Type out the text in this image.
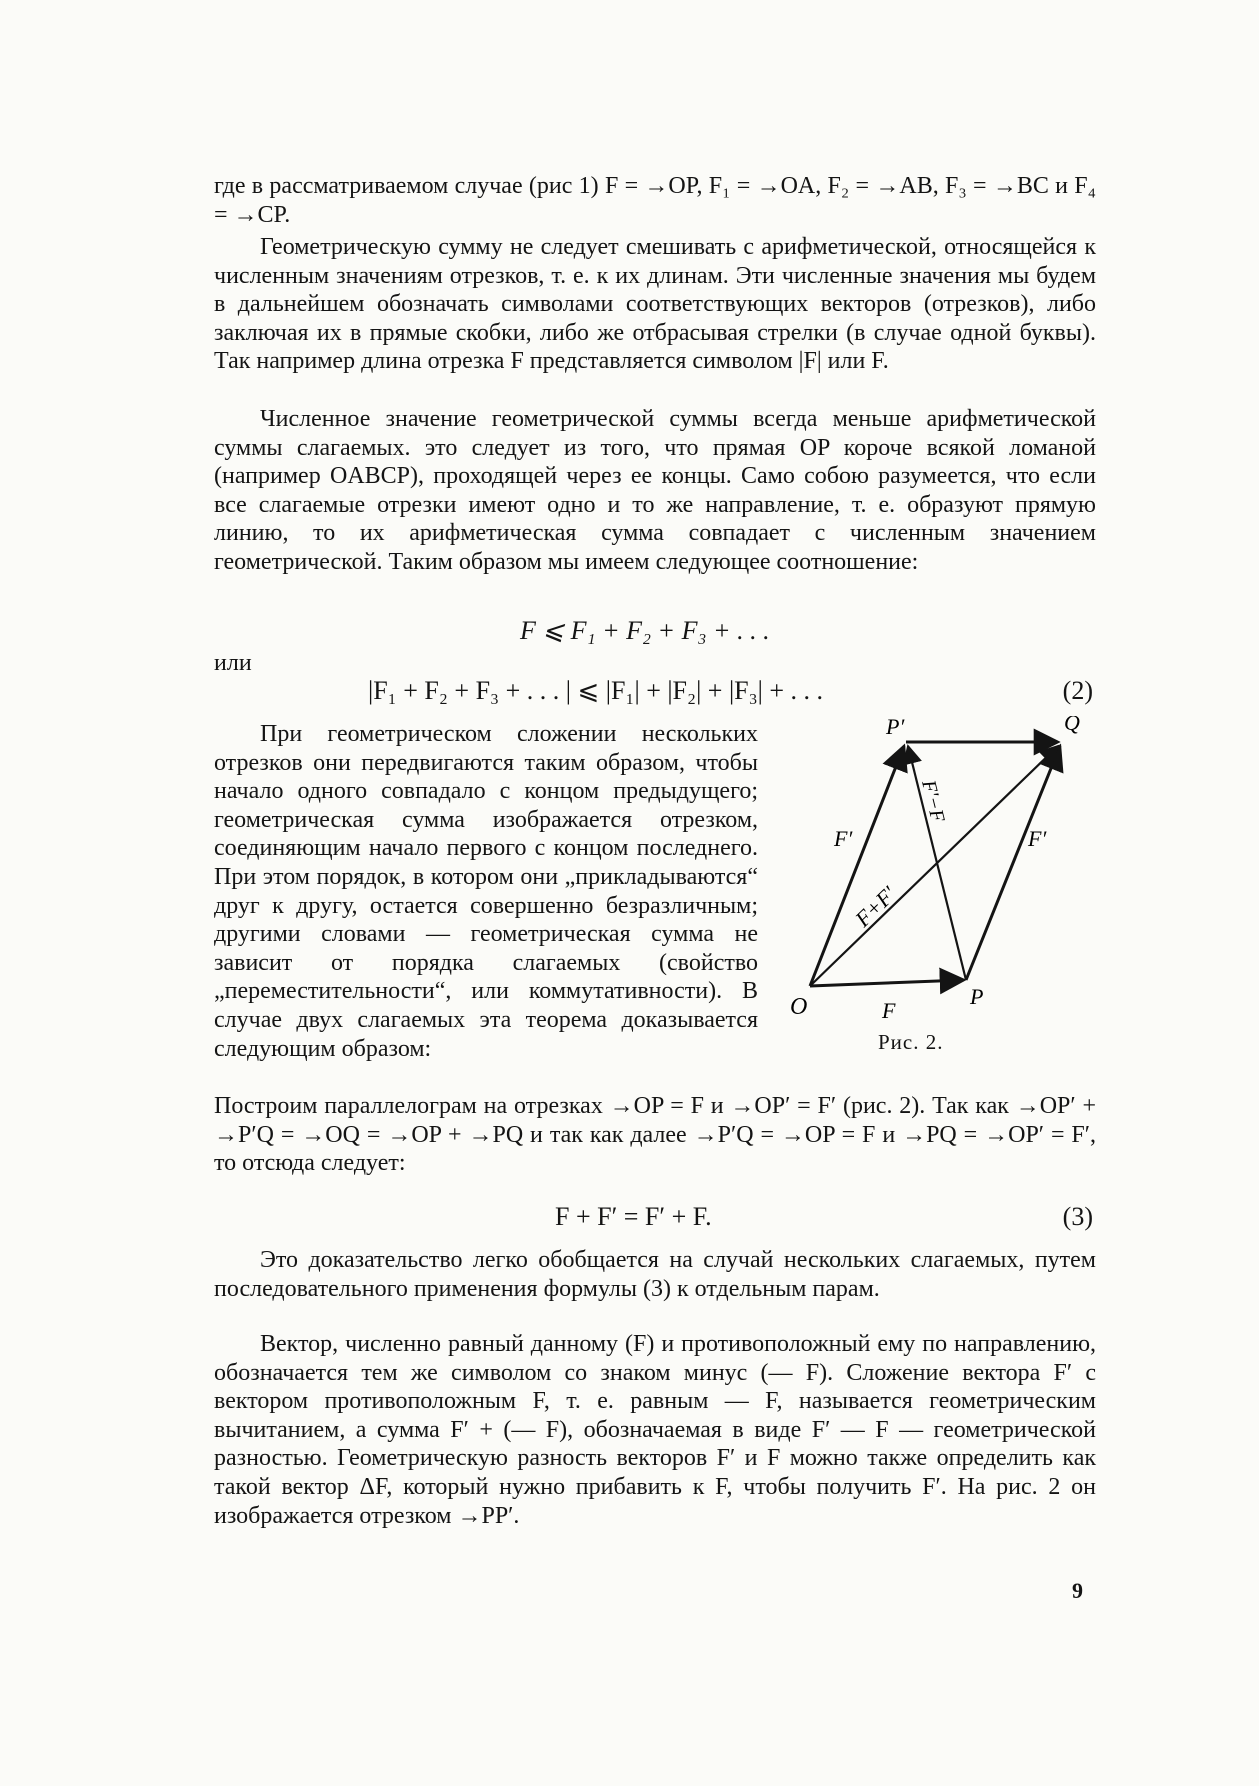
где в рассматриваемом случае (рис 1) F = →OP, F₁ = →OA, F₂ = →AB, F₃ = →BC и F₄ = →CP.
Геометрическую сумму не следует смешивать с арифметической, относящейся к численным значениям отрезков, т. е. к их длинам. Эти численные значения мы будем в дальнейшем обозначать символами соответствующих векторов (отрезков), либо заключая их в прямые скобки, либо же отбрасывая стрелки (в случае одной буквы). Так например длина отрезка F представляется символом |F| или F.
Численное значение геометрической суммы всегда меньше арифметической суммы слагаемых. это следует из того, что прямая OP короче всякой ломаной (например OABCP), проходящей через ее концы. Само собою разумеется, что если все слагаемые отрезки имеют одно и то же направление, т. е. образуют прямую линию, то их арифметическая сумма совпадает с численным значением геометрической. Таким образом мы имеем следующее соотношение:
F ⩽ F₁ + F₂ + F₃ + . . .
или
|F₁ + F₂ + F₃ + . . . | ⩽ |F₁| + |F₂| + |F₃| + . . .	(2)
При геометрическом сложении нескольких отрезков они передвигаются таким образом, чтобы начало одного совпадало с концом предыдущего; геометрическая сумма изображается отрезком, соединяющим начало первого с концом последнего. При этом порядок, в котором они „прикладываются“ друг к другу, остается совершенно безразличным; другими словами — геометрическая сумма не зависит от порядка слагаемых (свойство „переместительности“, или коммутативности). В случае двух слагаемых эта теорема доказывается следующим образом:
O	P
P′	Q
F
F′	F′
F+F′
F′−F
Рис. 2.
Построим параллелограм на отрезках →OP = F и →OP′ = F′ (рис. 2). Так как →OP′ + →P′Q = →OQ = →OP + →PQ и так как далее →P′Q = →OP = F и →PQ = →OP′ = F′, то отсюда следует:
F + F′ = F′ + F.	(3)
Это доказательство легко обобщается на случай нескольких слагаемых, путем последовательного применения формулы (3) к отдельным парам.
Вектор, численно равный данному (F) и противоположный ему по направлению, обозначается тем же символом со знаком минус (— F). Сложение вектора F′ с вектором противоположным F, т. е. равным — F, называется геометрическим вычитанием, а сумма F′ + (— F), обозначаемая в виде F′ — F — геометрической разностью. Геометрическую разность векторов F′ и F можно также определить как такой вектор ΔF, который нужно прибавить к F, чтобы получить F′. На рис. 2 он изображается отрезком →PP′.
9
